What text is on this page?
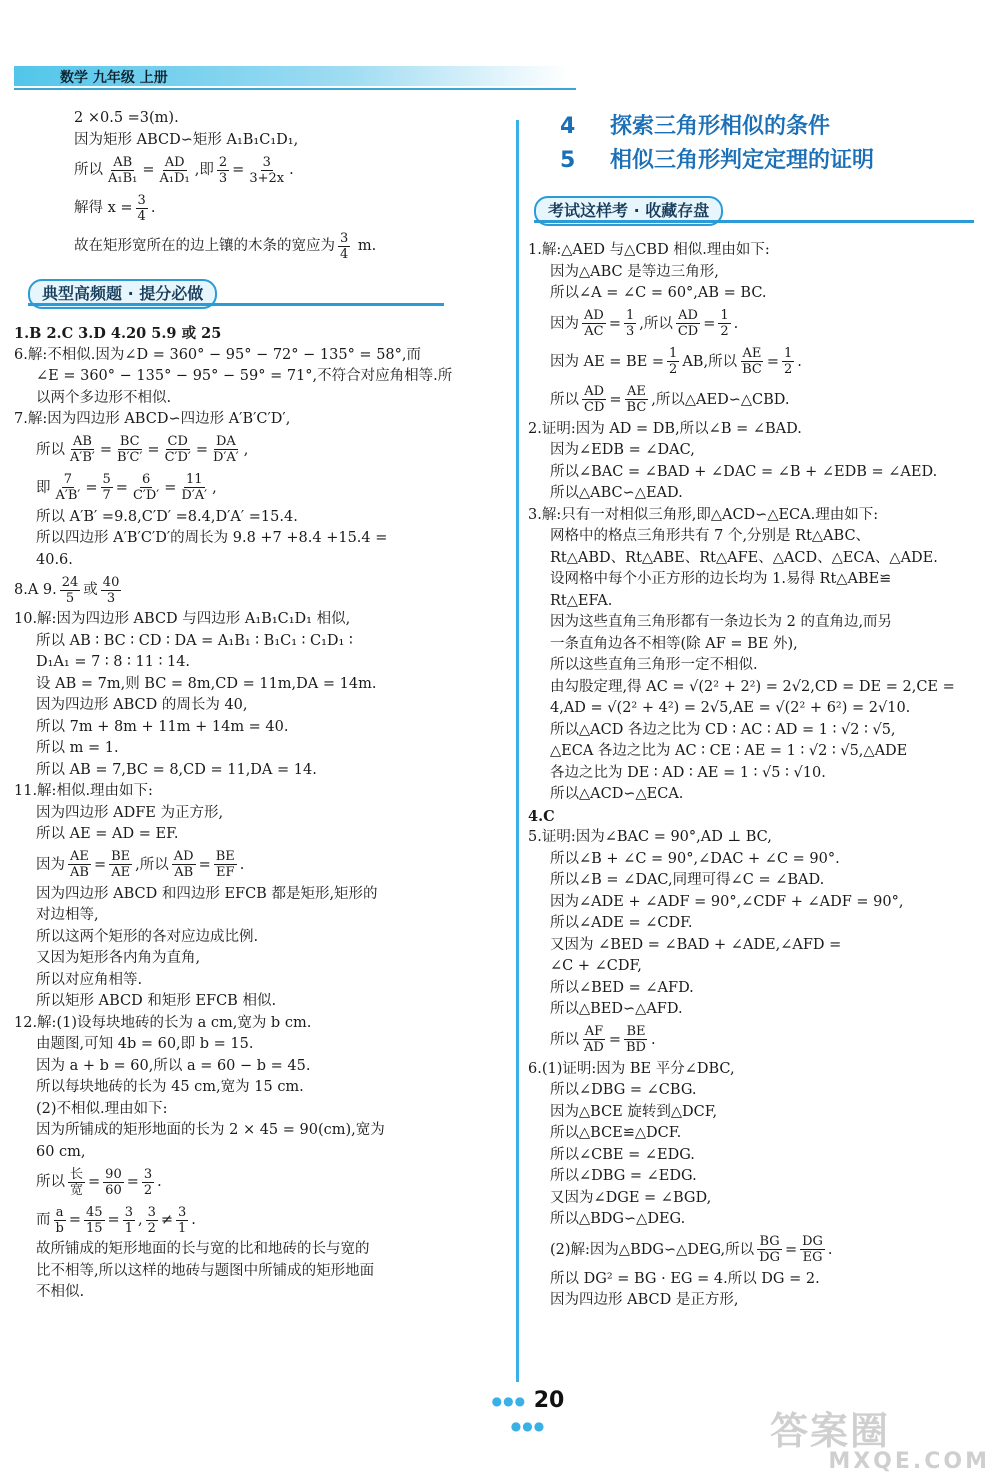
数学 九年级 上册
4 探索三角形相似的条件
5 相似三角形判定定理的证明
2 ×0.5 =3(m).
因为矩形 ABCD∽矩形 A₁B₁C₁D₁,
所以 $\frac{AB}{\text{A₁B₁}} = \frac{AD}{\text{A₁D₁}}$ ,即 $\frac{2}{3} = \frac{3}{3+2x}$ .
解得 $x = \frac{3}{4}$ .
故在矩形宽所在的边上镶的木条的宽应为 $\frac{3}{4} m$.
典型高频题 · 提分必做
1.B 2.C 3.D 4.20 5.9 或 25
6.解:不相似.因为∠D = 360° − 95° − 72° − 135° = 58°,而
∠E = 360° − 135° − 95° − 59° = 71°,不符合对应角相等.所
以两个多边形不相似.
7.解:因为四边形 ABCD∽四边形 A′B′C′D′,
所以 $\frac{AB}{A'B'} = \frac{BC}{B'C'} = \frac{CD}{C'D'} = \frac{DA}{D'A'}$ ,
即 $\frac{7}{A'B'} = \frac{5}{7} = \frac{6}{C'D'} = \frac{11}{D'A'}$ ,
所以 A′B′ =9.8,C′D′ =8.4,D′A′ =15.4.
所以四边形 A′B′C′D′的周长为 9.8 +7 +8.4 +15.4 =
40.6.
8.A 9. $\frac{24}{5}$ 或 $\frac{40}{3}$
10.解:因为四边形 ABCD 与四边形 A₁B₁C₁D₁ 相似,
所以 AB ∶ BC ∶ CD ∶ DA = A₁B₁ ∶ B₁C₁ ∶ C₁D₁ ∶
D₁A₁ = 7 ∶ 8 ∶ 11 ∶ 14.
设 AB = 7m,则 BC = 8m,CD = 11m,DA = 14m.
因为四边形 ABCD 的周长为 40,
所以 7m + 8m + 11m + 14m = 40.
所以 m = 1.
所以 AB = 7,BC = 8,CD = 11,DA = 14.
11.解:相似.理由如下:
因为四边形 ADFE 为正方形,
所以 AE = AD = EF.
因为 $\frac{AE}{AB} = \frac{BE}{AE}$ ,所以 $\frac{AD}{AB} = \frac{BE}{EF}$ .
因为四边形 ABCD 和四边形 EFCB 都是矩形,矩形的
对边相等,
所以这两个矩形的各对应边成比例.
又因为矩形各内角为直角,
所以对应角相等.
所以矩形 ABCD 和矩形 EFCB 相似.
12.解:(1)设每块地砖的长为 a cm,宽为 b cm.
由题图,可知 4b = 60,即 b = 15.
因为 a + b = 60,所以 a = 60 − b = 45.
所以每块地砖的长为 45 cm,宽为 15 cm.
(2)不相似.理由如下:
因为所铺成的矩形地面的长为 2 × 45 = 90(cm),宽为
60 cm,
所以 $\frac{\text{长}}{\text{宽}} = \frac{90}{60} = \frac{3}{2}$ .
而 $\frac{a}{b} = \frac{45}{15} = \frac{3}{1}$ , $\frac{3}{2} \ne \frac{3}{1}$ .
故所铺成的矩形地面的长与宽的比和地砖的长与宽的
比不相等,所以这样的地砖与题图中所铺成的矩形地面
不相似.
考试这样考 · 收藏存盘
1.解:△AED 与△CBD 相似.理由如下:
因为△ABC 是等边三角形,
所以∠A = ∠C = 60°,AB = BC.
因为 $\frac{AD}{AC} = \frac{1}{3}$ ,所以 $\frac{AD}{CD} = \frac{1}{2}$ .
因为 AE = BE = $\frac{1}{2}$ AB,所以 $\frac{AE}{BC} = \frac{1}{2}$ .
所以 $\frac{AD}{CD} = \frac{AE}{BC}$ ,所以△AED∽△CBD.
2.证明:因为 AD = DB,所以∠B = ∠BAD.
因为∠EDB = ∠DAC,
所以∠BAC = ∠BAD + ∠DAC = ∠B + ∠EDB = ∠AED.
所以△ABC∽△EAD.
3.解:只有一对相似三角形,即△ACD∽△ECA.理由如下:
网格中的格点三角形共有 7 个,分别是 Rt△ABC、
Rt△ABD、Rt△ABE、Rt△AFE、△ACD、△ECA、△ADE.
设网格中每个小正方形的边长均为 1.易得 Rt△ABE≌
Rt△EFA.
因为这些直角三角形都有一条边长为 2 的直角边,而另
一条直角边各不相等(除 AF = BE 外),
所以这些直角三角形一定不相似.
由勾股定理,得 AC = √(2² + 2²) = 2√2,CD = DE = 2,CE =
4,AD = √(2² + 4²) = 2√5,AE = √(2² + 6²) = 2√10.
所以△ACD 各边之比为 CD ∶ AC ∶ AD = 1 ∶ √2 ∶ √5,
△ECA 各边之比为 AC ∶ CE ∶ AE = 1 ∶ √2 ∶ √5,△ADE
各边之比为 DE ∶ AD ∶ AE = 1 ∶ √5 ∶ √10.
所以△ACD∽△ECA.
4.C
5.证明:因为∠BAC = 90°,AD ⊥ BC,
所以∠B + ∠C = 90°,∠DAC + ∠C = 90°.
所以∠B = ∠DAC,同理可得∠C = ∠BAD.
因为∠ADE + ∠ADF = 90°,∠CDF + ∠ADF = 90°,
所以∠ADE = ∠CDF.
又因为 ∠BED = ∠BAD + ∠ADE,∠AFD =
∠C + ∠CDF,
所以∠BED = ∠AFD.
所以△BED∽△AFD.
所以 $\frac{AF}{AD} = \frac{BE}{BD}$ .
6.(1)证明:因为 BE 平分∠DBC,
所以∠DBG = ∠CBG.
因为△BCE 旋转到△DCF,
所以△BCE≌△DCF.
所以∠CBE = ∠EDG.
所以∠DBG = ∠EDG.
又因为∠DGE = ∠BGD,
所以△BDG∽△DEG.
(2)解:因为△BDG∽△DEG,所以 $\frac{BG}{DG} = \frac{DG}{EG}$ .
所以 DG² = BG · EG = 4.所以 DG = 2.
因为四边形 ABCD 是正方形,
●●● 20 ●●●	答案圈
MXQE.COM
